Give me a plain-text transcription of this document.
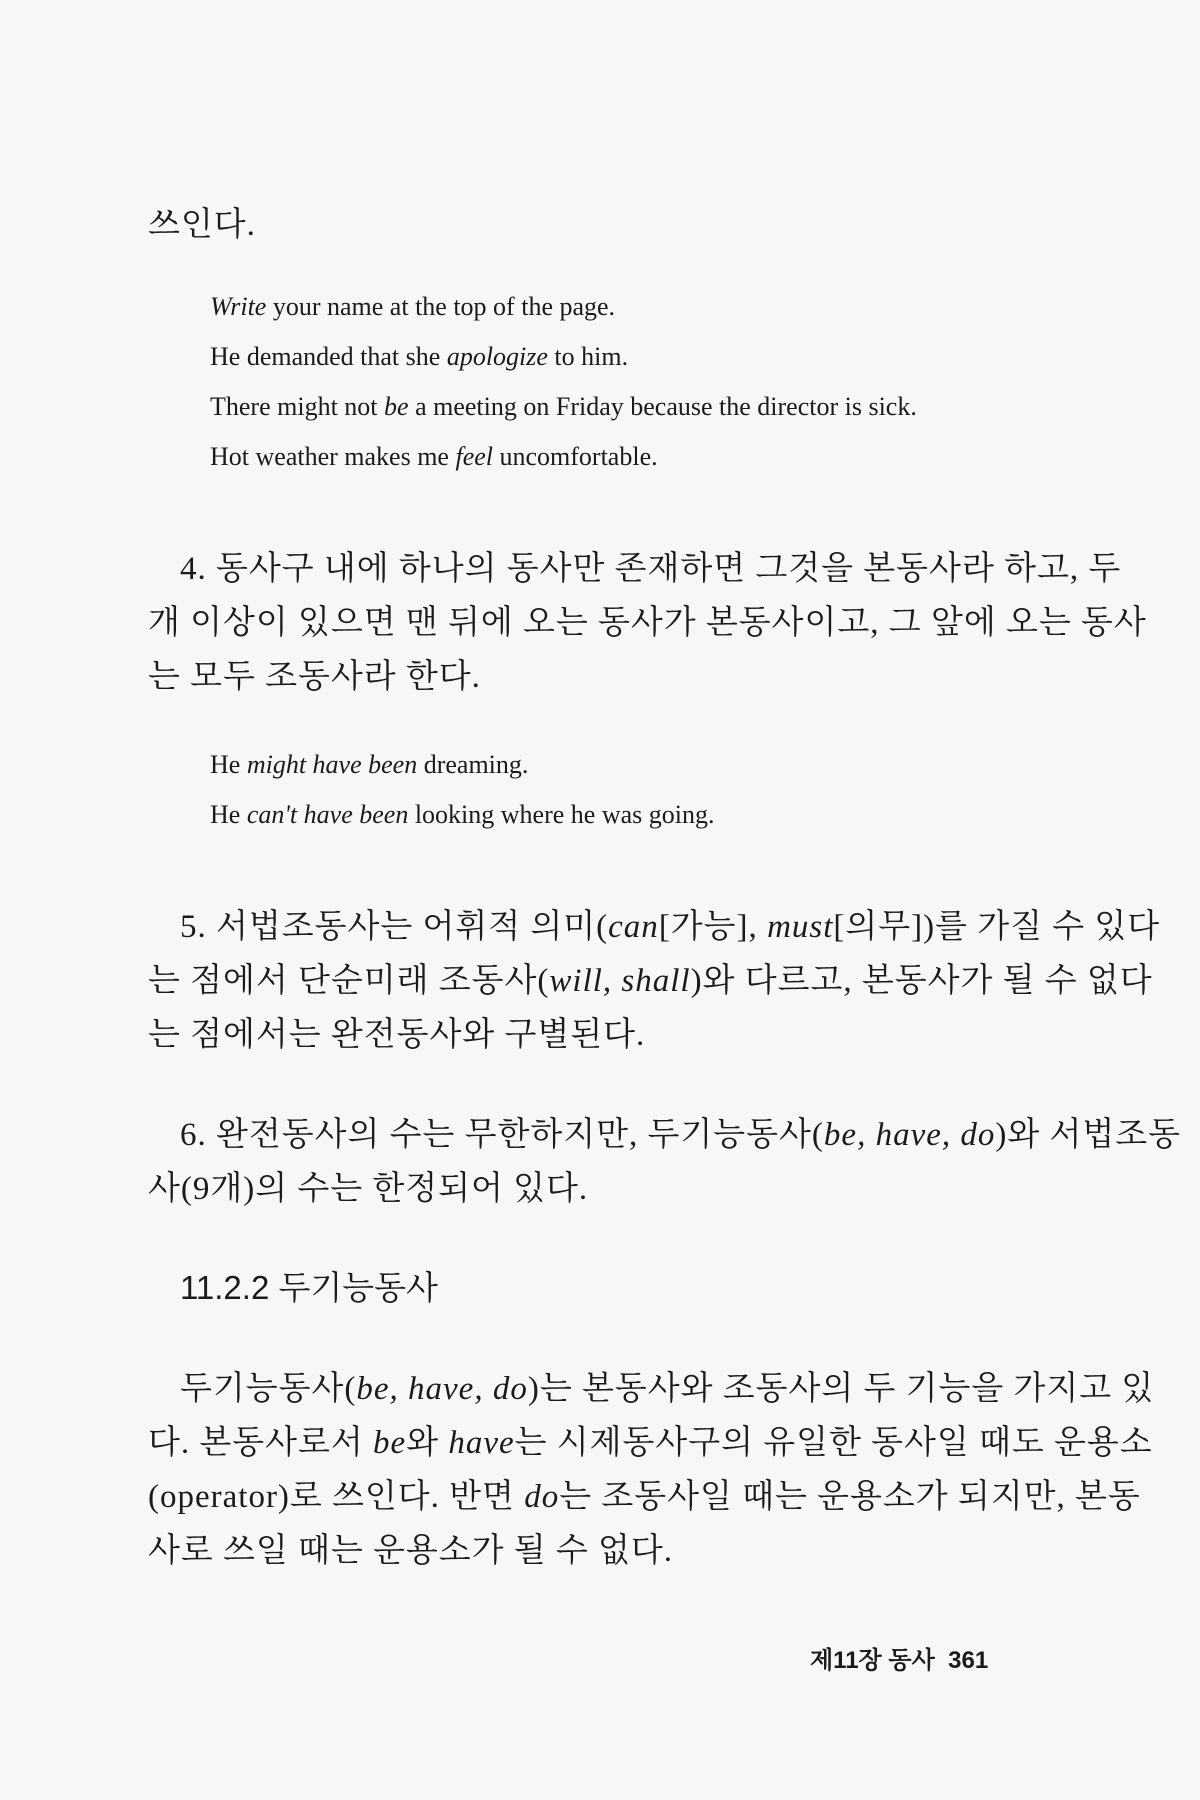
쓰인다.

Write your name at the top of the page.

He demanded that she apologize to him.

There might not be a meeting on Friday because the director is sick.

Hot weather makes me feel uncomfortable.

4. 동사구 내에 하나의 동사만 존재하면 그것을 본동사라 하고, 두

개 이상이 있으면 맨 뒤에 오는 동사가 본동사이고, 그 앞에 오는 동사

는 모두 조동사라 한다.

He might have been dreaming.

He can't have been looking where he was going.

5. 서법조동사는 어휘적 의미(can[가능], must[의무])를 가질 수 있다

는 점에서 단순미래 조동사(will, shall)와 다르고, 본동사가 될 수 없다

는 점에서는 완전동사와 구별된다.

6. 완전동사의 수는 무한하지만, 두기능동사(be, have, do)와 서법조동

사(9개)의 수는 한정되어 있다.

11.2.2 두기능동사

두기능동사(be, have, do)는 본동사와 조동사의 두 기능을 가지고 있

다. 본동사로서 be와 have는 시제동사구의 유일한 동사일 때도 운용소

(operator)로 쓰인다. 반면 do는 조동사일 때는 운용소가 되지만, 본동

사로 쓰일 때는 운용소가 될 수 없다.

제11장 동사 361
